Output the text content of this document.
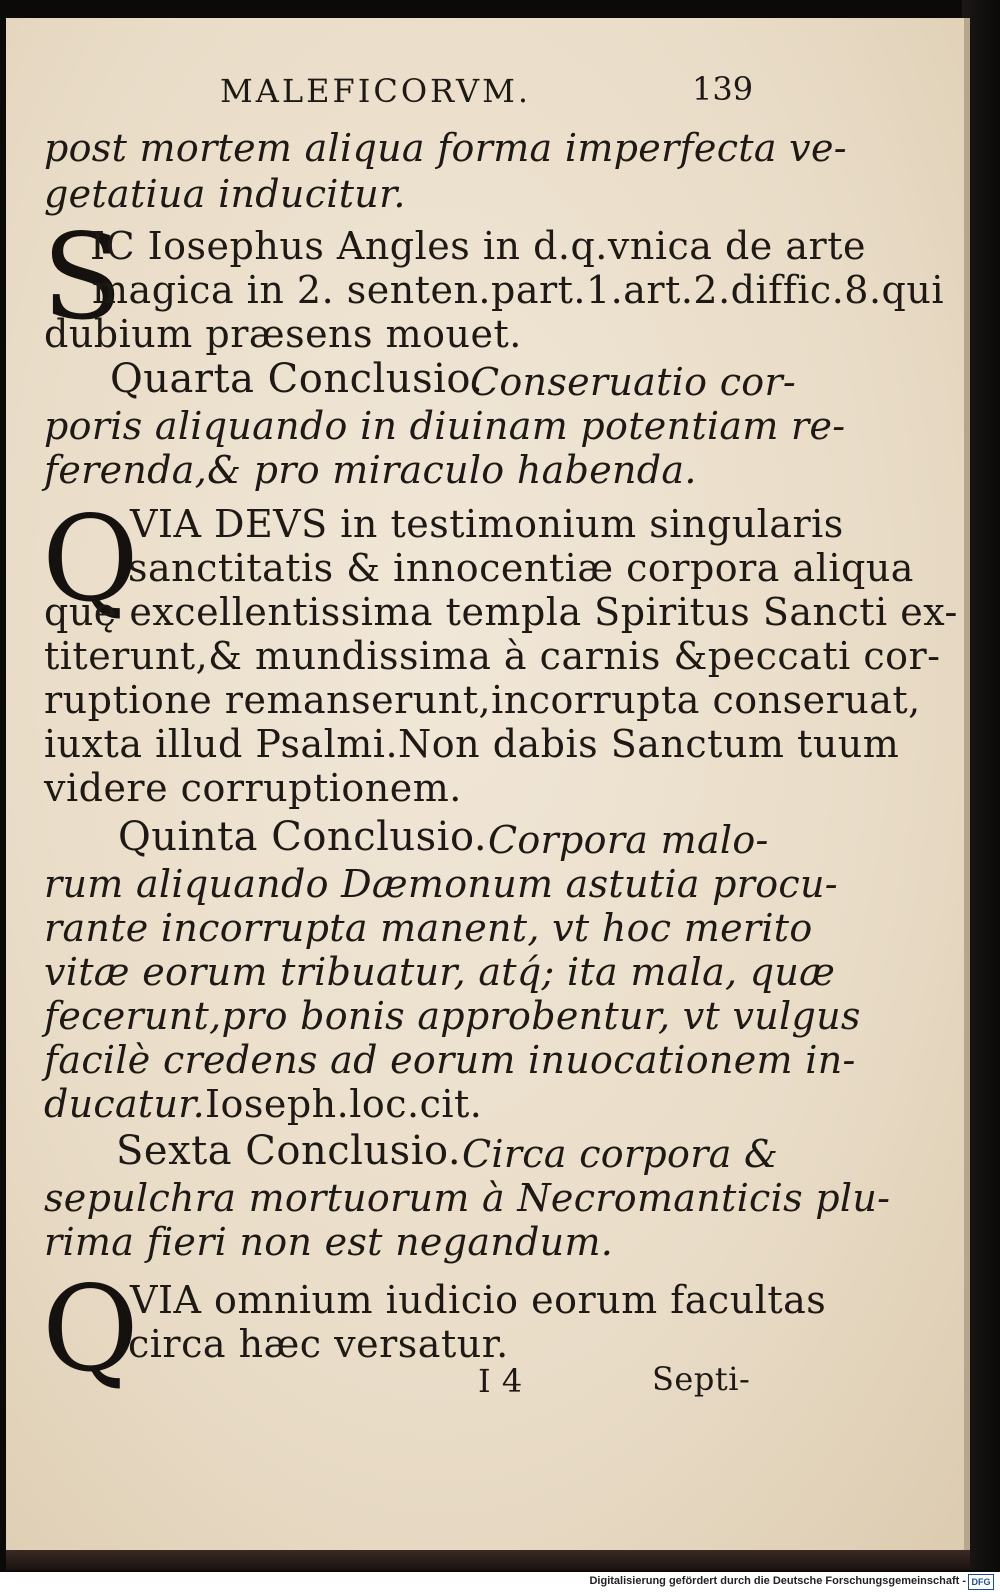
MALEFICORVM.	139
post mortem aliqua forma imperfecta ve-
getatiua inducitur.
S
IC Iosephus Angles in d.q.vnica de arte
magica in 2. senten.part.1.art.2.diffic.8.qui
dubium præsens mouet.
Quarta Conclusio.
Conseruatio cor-
poris aliquando in diuinam potentiam re-
ferenda,& pro miraculo habenda.
Q
VIA DEVS in testimonium singularis
sanctitatis & innocentiæ corpora aliqua
quę excellentissima templa Spiritus Sancti ex-
titerunt,& mundissima à carnis &peccati cor-
ruptione remanserunt,incorrupta conseruat,
iuxta illud Psalmi.Non dabis Sanctum tuum
videre corruptionem.
Quinta Conclusio. Corpora malo-
rum aliquando Dæmonum astutia procu-
rante incorrupta manent, vt hoc merito
vitæ eorum tribuatur, atq́; ita mala, quæ
fecerunt,pro bonis approbentur, vt vulgus
facilè credens ad eorum inuocationem in-
ducatur.Ioseph.loc.cit.
Sexta Conclusio. Circa corpora &
sepulchra mortuorum à Necromanticis plu-
rima fieri non est negandum.
Q
VIA omnium iudicio eorum facultas
circa hæc versatur.
I 4	Septi-
Digitalisierung gefördert durch die Deutsche Forschungsgemeinschaft - DFG
